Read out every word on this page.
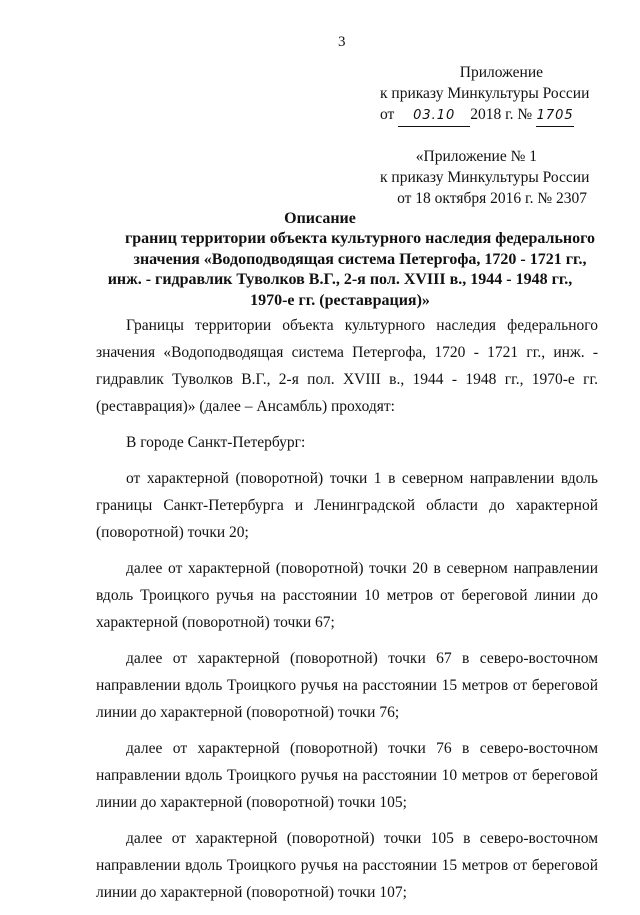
3
Приложение
к приказу Минкультуры России
от 03.10 2018 г. № 1705
«Приложение № 1
к приказу Минкультуры России
от 18 октября 2016 г. № 2307
Описание
границ территории объекта культурного наследия федерального
значения «Водоподводящая система Петергофа, 1720 - 1721 гг.,
инж. - гидравлик Туволков В.Г., 2-я пол. XVIII в., 1944 - 1948 гг.,
1970-е гг. (реставрация)»

Границы территории объекта культурного наследия федерального значения «Водоподводящая система Петергофа, 1720 - 1721 гг., инж. - гидравлик Туволков В.Г., 2-я пол. XVIII в., 1944 - 1948 гг., 1970-е гг. (реставрация)» (далее – Ансамбль) проходят:

В городе Санкт-Петербург:

от характерной (поворотной) точки 1 в северном направлении вдоль границы Санкт-Петербурга и Ленинградской области до характерной (поворотной) точки 20;

далее от характерной (поворотной) точки 20 в северном направлении вдоль Троицкого ручья на расстоянии 10 метров от береговой линии до характерной (поворотной) точки 67;

далее от характерной (поворотной) точки 67 в северо-восточном направлении вдоль Троицкого ручья на расстоянии 15 метров от береговой линии до характерной (поворотной) точки 76;

далее от характерной (поворотной) точки 76 в северо-восточном направлении вдоль Троицкого ручья на расстоянии 10 метров от береговой линии до характерной (поворотной) точки 105;

далее от характерной (поворотной) точки 105 в северо-восточном направлении вдоль Троицкого ручья на расстоянии 15 метров от береговой линии до характерной (поворотной) точки 107;
